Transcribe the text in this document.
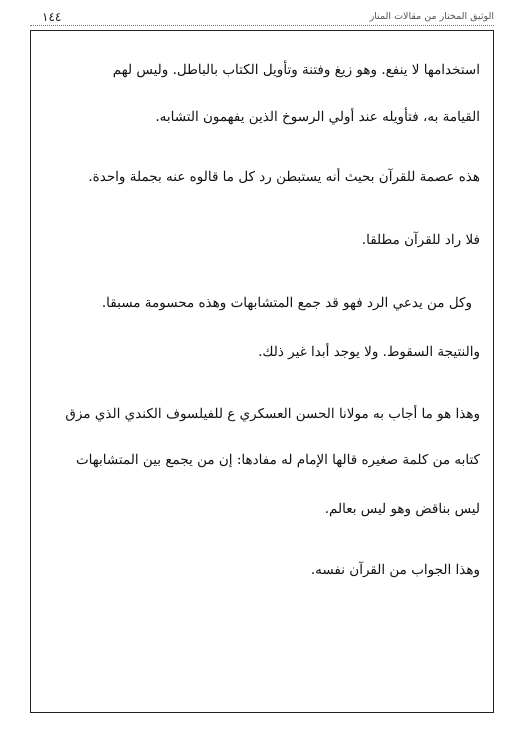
الوثيق المختار من مقالات المنار
١٤٤

استخدامها لا ينفع. وهو زيغ وفتنة وتأويل الكتاب بالباطل. وليس لهم

القيامة به، فتأويله عند أولي الرسوخ الذين يفهمون التشابه.

هذه عصمة للقرآن بحيث أنه يستبطن رد كل ما قالوه عنه بجملة واحدة.

فلا راد للقرآن مطلقا.

وكل من يدعي الرد فهو قد جمع المتشابهات وهذه محسومة مسبقا.

والنتيجة السقوط. ولا يوجد أبدا غير ذلك.

وهذا هو ما أجاب به مولانا الحسن العسكري ع للفيلسوف الكندي الذي مزق

كتابه من كلمة صغيره قالها الإمام له مفادها: إن من يجمع بين المتشابهات

ليس بناقض وهو ليس بعالم.

وهذا الجواب من القرآن نفسه.
